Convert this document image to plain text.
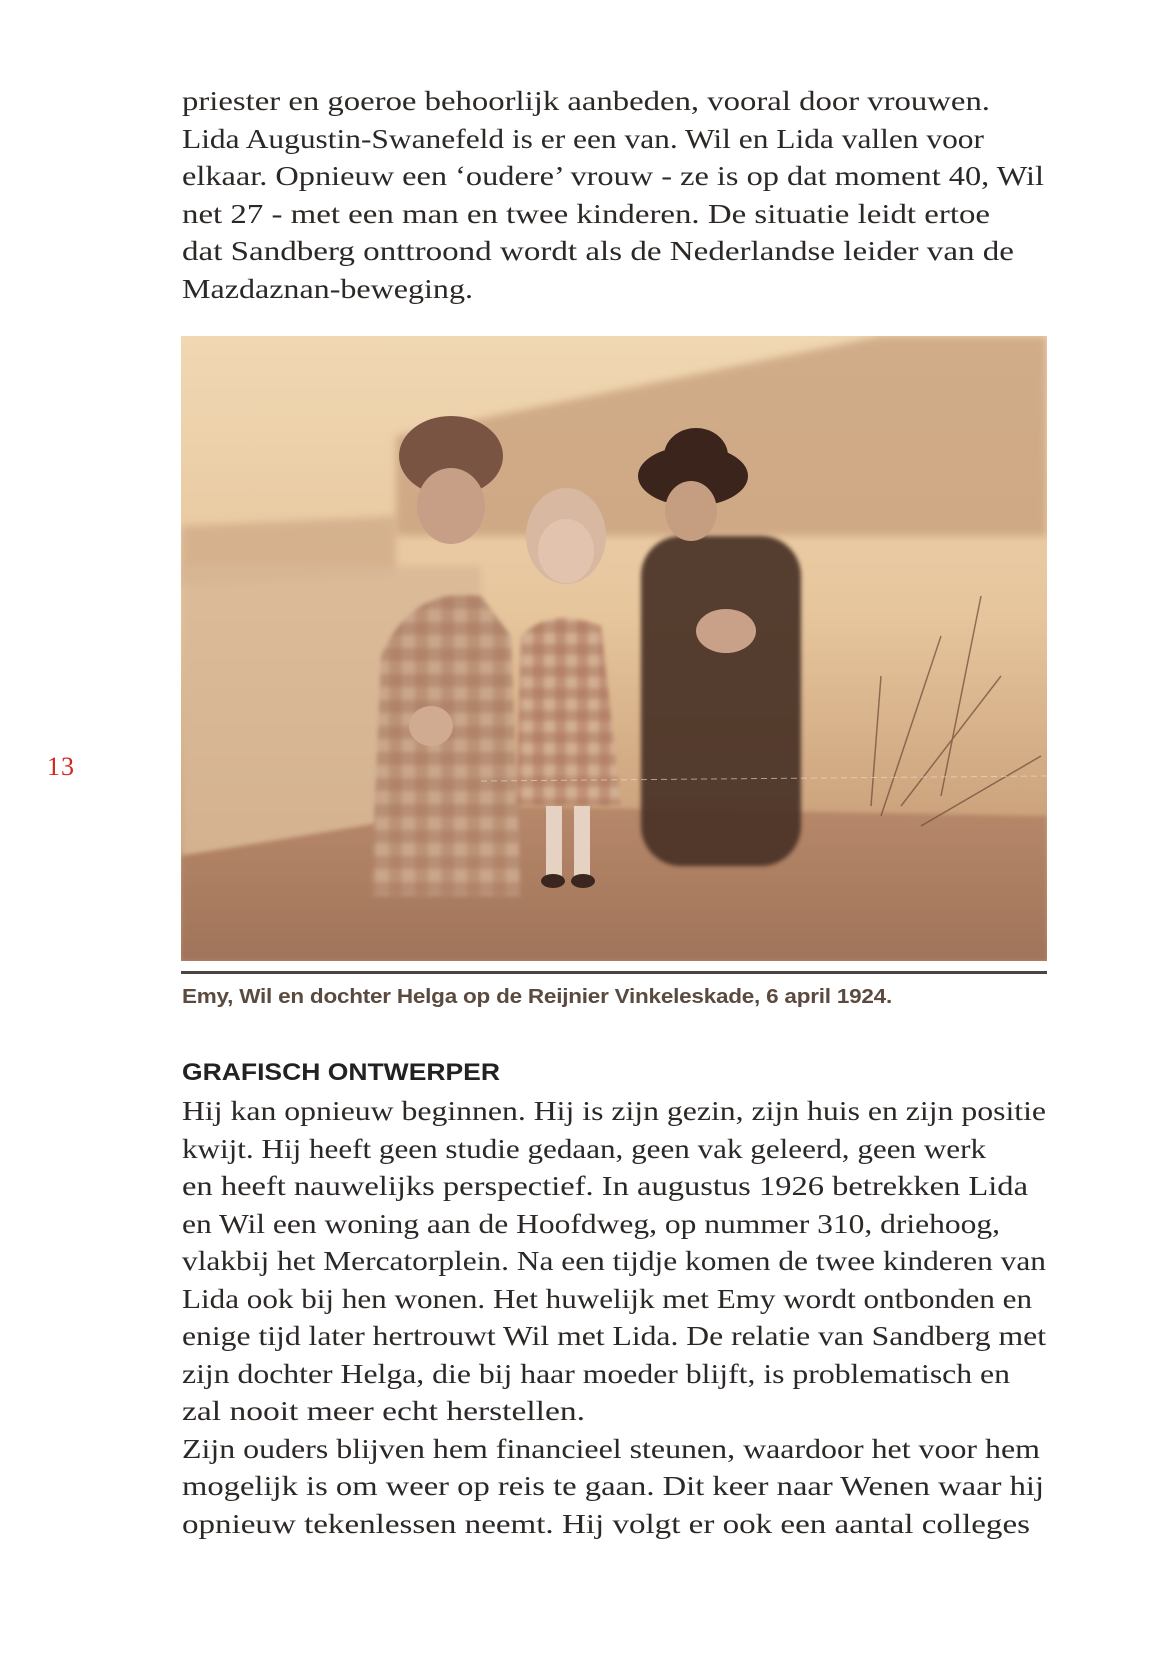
priester en goeroe behoorlijk aanbeden, vooral door vrouwen.
Lida Augustin-Swanefeld is er een van. Wil en Lida vallen voor
elkaar. Opnieuw een ‘oudere’ vrouw - ze is op dat moment 40, Wil
net 27 - met een man en twee kinderen. De situatie leidt ertoe
dat Sandberg onttroond wordt als de Nederlandse leider van de
Mazdaznan-beweging.
Emy, Wil en dochter Helga op de Reijnier Vinkeleskade, 6 april 1924.
GRAFISCH ONTWERPER
Hij kan opnieuw beginnen. Hij is zijn gezin, zijn huis en zijn positie
kwijt. Hij heeft geen studie gedaan, geen vak geleerd, geen werk
en heeft nauwelijks perspectief. In augustus 1926 betrekken Lida
en Wil een woning aan de Hoofdweg, op nummer 310, driehoog,
vlakbij het Mercatorplein. Na een tijdje komen de twee kinderen van
Lida ook bij hen wonen. Het huwelijk met Emy wordt ontbonden en
enige tijd later hertrouwt Wil met Lida. De relatie van Sandberg met
zijn dochter Helga, die bij haar moeder blijft, is problematisch en
zal nooit meer echt herstellen.
Zijn ouders blijven hem financieel steunen, waardoor het voor hem
mogelijk is om weer op reis te gaan. Dit keer naar Wenen waar hij
opnieuw tekenlessen neemt. Hij volgt er ook een aantal colleges
13
